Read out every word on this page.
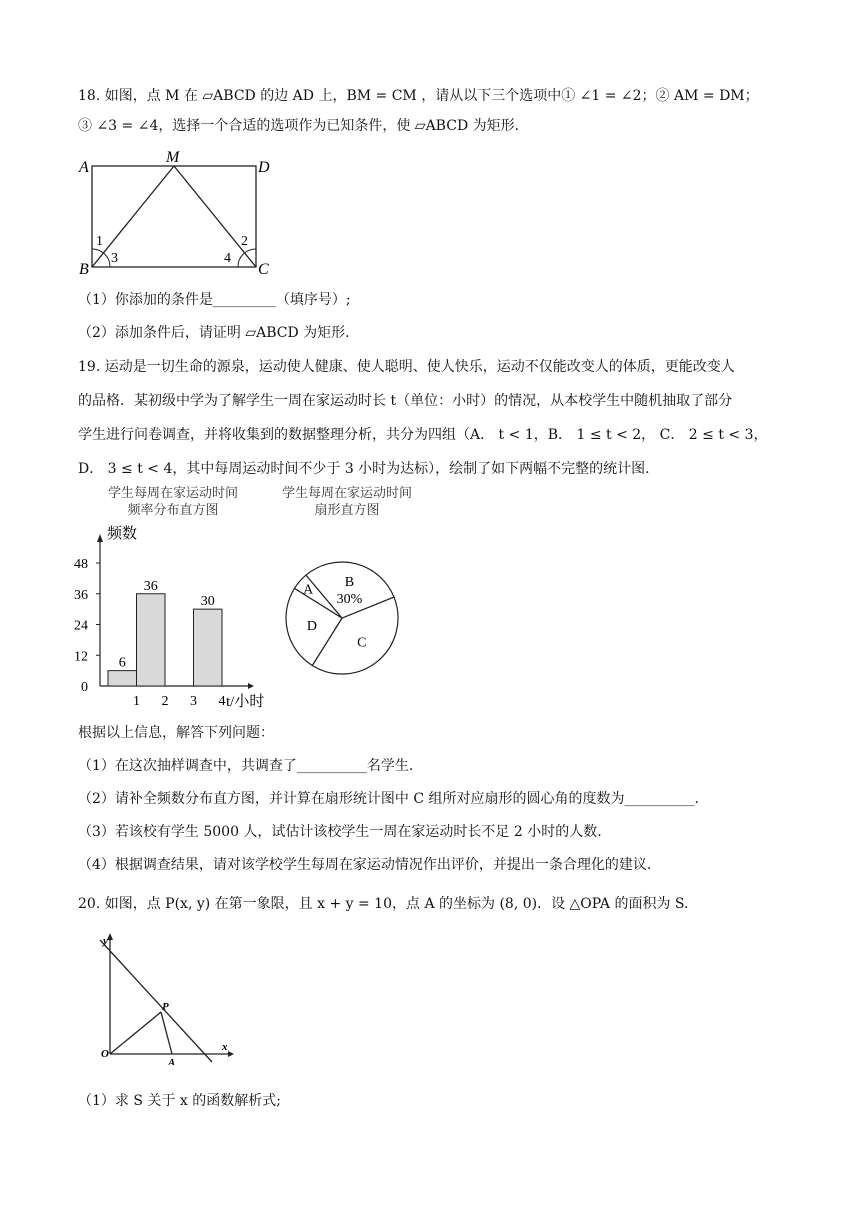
18. 如图，点 M 在 ▱ABCD 的边 AD 上，BM = CM ，请从以下三个选项中① ∠1 = ∠2；② AM = DM；
③ ∠3 = ∠4，选择一个合适的选项作为已知条件，使 ▱ABCD 为矩形.
A
M
D
B	C
1
3
2
4
（1）你添加的条件是_________（填序号）;
（2）添加条件后，请证明 ▱ABCD 为矩形.
19. 运动是一切生命的源泉，运动使人健康、使人聪明、使人快乐，运动不仅能改变人的体质，更能改变人
的品格．某初级中学为了解学生一周在家运动时长 t（单位：小时）的情况，从本校学生中随机抽取了部分
学生进行问卷调查，并将收集到的数据整理分析，共分为四组（A． t < 1，B． 1 ≤ t < 2， C． 2 ≤ t < 3，
D． 3 ≤ t < 4，其中每周运动时间不少于 3 小时为达标），绘制了如下两幅不完整的统计图.
学生每周在家运动时间
频率分布直方图
学生每周在家运动时间
扇形直方图
频数
t/小时
0
12
24
36
48
1 2 3 4
6
36
30
C
D
A B
30%
根据以上信息，解答下列问题：
（1）在这次抽样调查中，共调查了__________名学生.
（2）请补全频数分布直方图，并计算在扇形统计图中 C 组所对应扇形的圆心角的度数为__________.
（3）若该校有学生 5000 人，试估计该校学生一周在家运动时长不足 2 小时的人数.
（4）根据调查结果，请对该学校学生每周在家运动情况作出评价，并提出一条合理化的建议.
20. 如图，点 P(x, y) 在第一象限，且 x + y = 10，点 A 的坐标为 (8, 0)．设 △OPA 的面积为 S.
y
x
O
P
A
（1）求 S 关于 x 的函数解析式;
